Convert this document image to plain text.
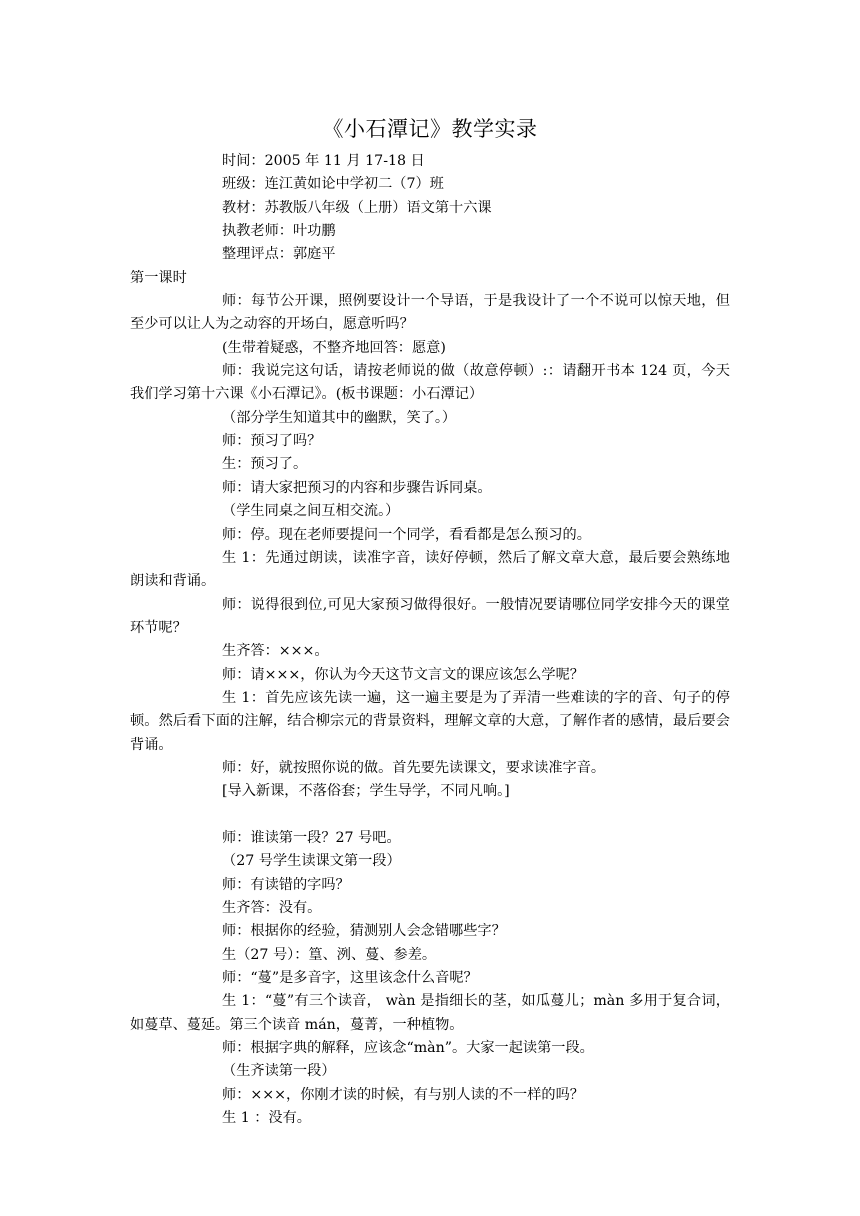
《小石潭记》教学实录

时间：2005 年 11 月 17-18 日

班级：连江黄如论中学初二（7）班

教材：苏教版八年级（上册）语文第十六课

执教老师：叶功鹏

整理评点：郭庭平

第一课时

师：每节公开课，照例要设计一个导语，于是我设计了一个不说可以惊天地，但至少可以让人为之动容的开场白，愿意听吗？

(生带着疑惑，不整齐地回答：愿意)

师：我说完这句话，请按老师说的做（故意停顿）:：请翻开书本 124 页，今天我们学习第十六课《小石潭记》。(板书课题：小石潭记）

（部分学生知道其中的幽默，笑了。）

师：预习了吗？

生：预习了。

师：请大家把预习的内容和步骤告诉同桌。

（学生同桌之间互相交流。）

师：停。现在老师要提问一个同学，看看都是怎么预习的。

生 1：先通过朗读，读准字音，读好停顿，然后了解文章大意，最后要会熟练地朗读和背诵。

师：说得很到位,可见大家预习做得很好。一般情况要请哪位同学安排今天的课堂环节呢？

生齐答：×××。

师：请×××，你认为今天这节文言文的课应该怎么学呢？

生 1：首先应该先读一遍，这一遍主要是为了弄清一些难读的字的音、句子的停顿。然后看下面的注解，结合柳宗元的背景资料，理解文章的大意，了解作者的感情，最后要会背诵。

师：好，就按照你说的做。首先要先读课文，要求读准字音。

[导入新课，不落俗套；学生导学，不同凡响。]

师：谁读第一段？27 号吧。

（27 号学生读课文第一段）

师：有读错的字吗？

生齐答：没有。

师：根据你的经验，猜测别人会念错哪些字？

生（27 号）：篁、洌、蔓、参差。

师：“蔓”是多音字，这里该念什么音呢？

生 1：“蔓”有三个读音， wàn 是指细长的茎，如瓜蔓儿；màn 多用于复合词，如蔓草、蔓延。第三个读音 mán，蔓菁，一种植物。

师：根据字典的解释，应该念“màn”。大家一起读第一段。

（生齐读第一段）

师：×××，你刚才读的时候，有与别人读的不一样的吗？

生 1 ：没有。
